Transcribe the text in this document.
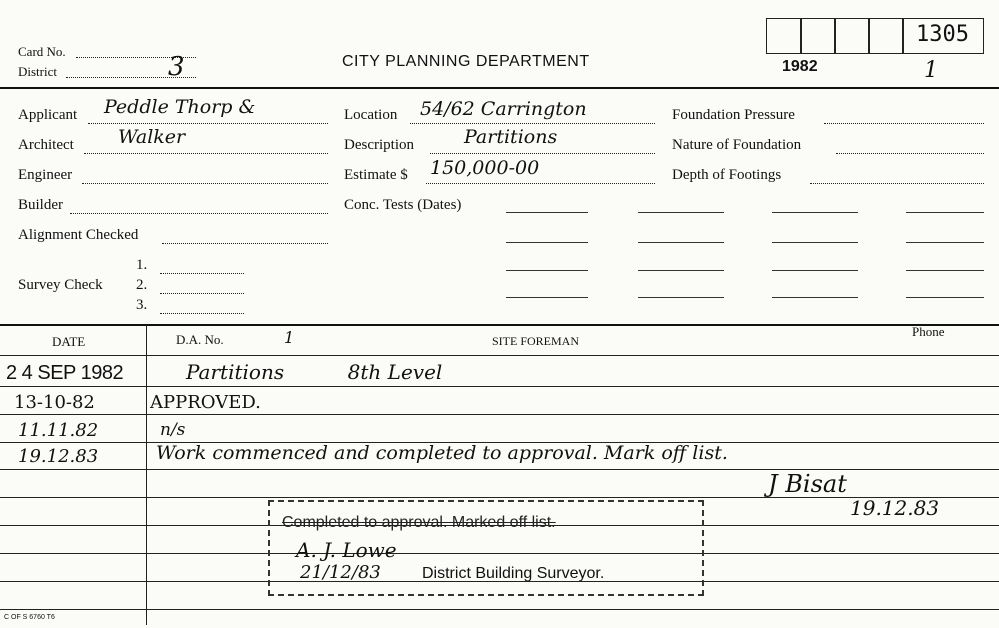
Card No.
District	3	CITY PLANNING DEPARTMENT	1982	1
1305
Applicant Peddle Thorp &
Architect Walker
Engineer
Builder
Alignment Checked
Survey Check
1.
2.
3.
Location 54/62 Carrington
Description	Partitions
Estimate $ 150,000-00
Conc. Tests (Dates)
Foundation Pressure
Nature of Foundation
Depth of Footings
DATE	D.A. No.	1	SITE FOREMAN
Phone
2 4 SEP 1982	Partitions          8th Level
13-10-82	APPROVED.
11.11.82	n/s
19.12.83	Work commenced and completed to approval. Mark off list.
J Bisat
19.12.83
Completed to approval. Marked off list.
A. J. Lowe
21/12/83	District Building Surveyor.
C OF S 6760 T6
